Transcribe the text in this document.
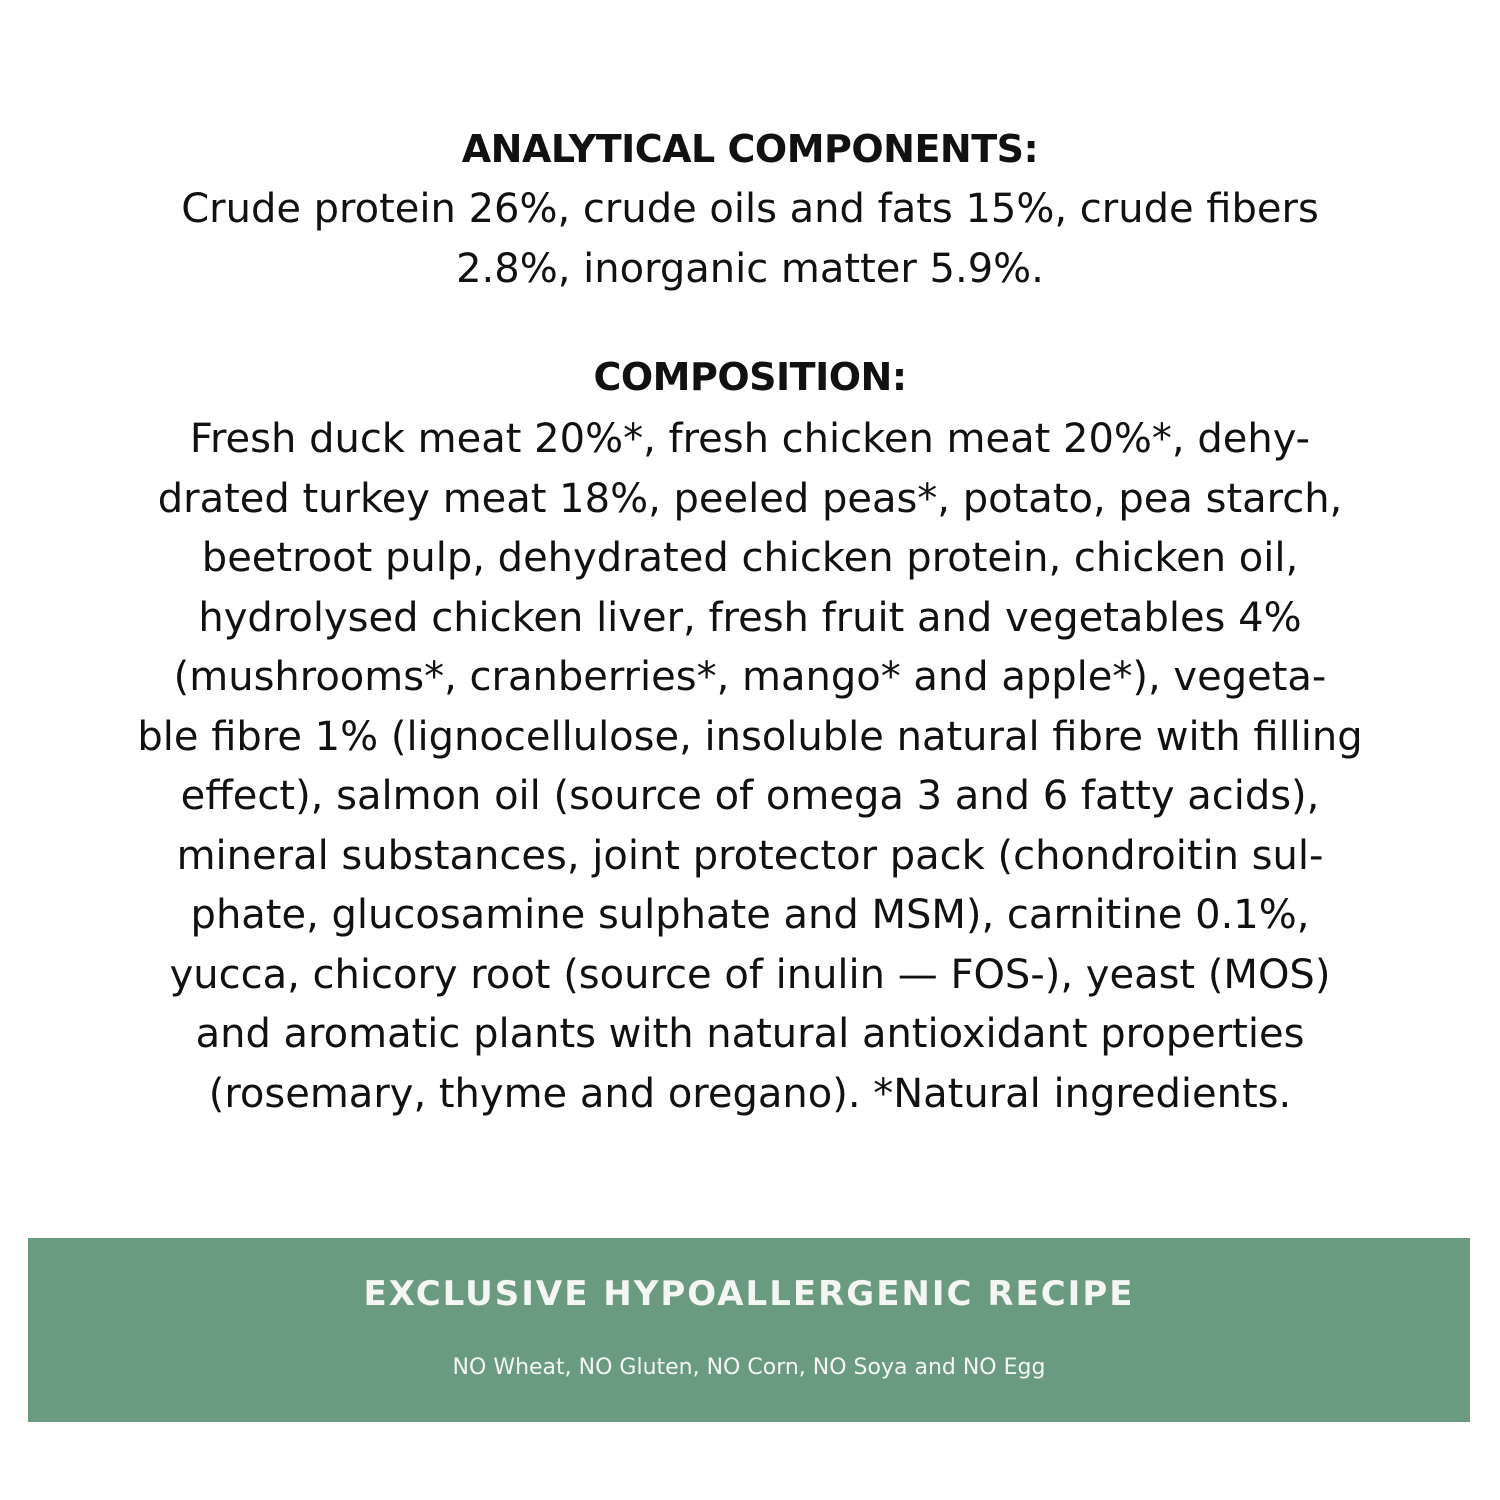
ANALYTICAL COMPONENTS:
Crude protein 26%, crude oils and fats 15%, crude fibers
2.8%, inorganic matter 5.9%.
COMPOSITION:
Fresh duck meat 20%*, fresh chicken meat 20%*, dehy-
drated turkey meat 18%, peeled peas*, potato, pea starch,
beetroot pulp, dehydrated chicken protein, chicken oil,
hydrolysed chicken liver, fresh fruit and vegetables 4%
(mushrooms*, cranberries*, mango* and apple*), vegeta-
ble fibre 1% (lignocellulose, insoluble natural fibre with filling
effect), salmon oil (source of omega 3 and 6 fatty acids),
mineral substances, joint protector pack (chondroitin sul-
phate, glucosamine sulphate and MSM), carnitine 0.1%,
yucca, chicory root (source of inulin — FOS-), yeast (MOS)
and aromatic plants with natural antioxidant properties
(rosemary, thyme and oregano). *Natural ingredients.
EXCLUSIVE HYPOALLERGENIC RECIPE
NO Wheat, NO Gluten, NO Corn, NO Soya and NO Egg
